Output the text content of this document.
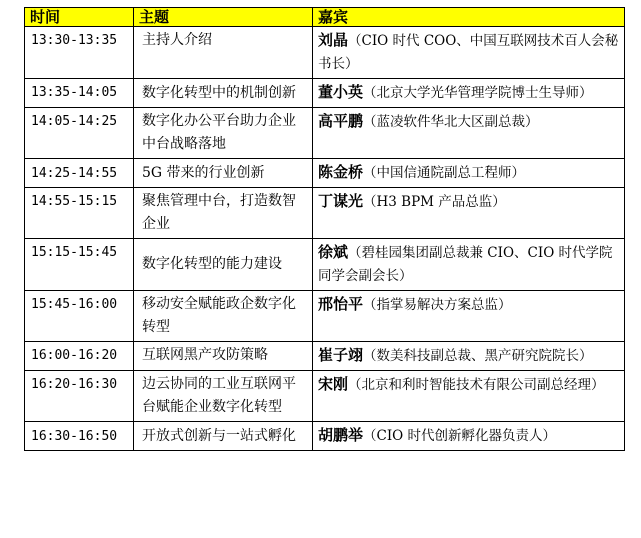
时间	主题	嘉宾
13:30-13:35	主持人介绍	刘晶（CIO 时代 COO、中国互联网技术百人会秘书长）
13:35-14:05	数字化转型中的机制创新	董小英（北京大学光华管理学院博士生导师）
14:05-14:25	数字化办公平台助力企业中台战略落地	高平鹏（蓝凌软件华北大区副总裁）
14:25-14:55	5G 带来的行业创新	陈金桥（中国信通院副总工程师）
14:55-15:15	聚焦管理中台，打造数智企业	丁谋光（H3 BPM 产品总监）
15:15-15:45	数字化转型的能力建设	徐斌（碧桂园集团副总裁兼 CIO、CIO 时代学院同学会副会长）
15:45-16:00	移动安全赋能政企数字化转型	邢怡平（指掌易解决方案总监）
16:00-16:20	互联网黑产攻防策略	崔子翊（数美科技副总裁、黑产研究院院长）
16:20-16:30	边云协同的工业互联网平台赋能企业数字化转型	宋刚（北京和利时智能技术有限公司副总经理）
16:30-16:50	开放式创新与一站式孵化	胡鹏举（CIO 时代创新孵化器负责人）
